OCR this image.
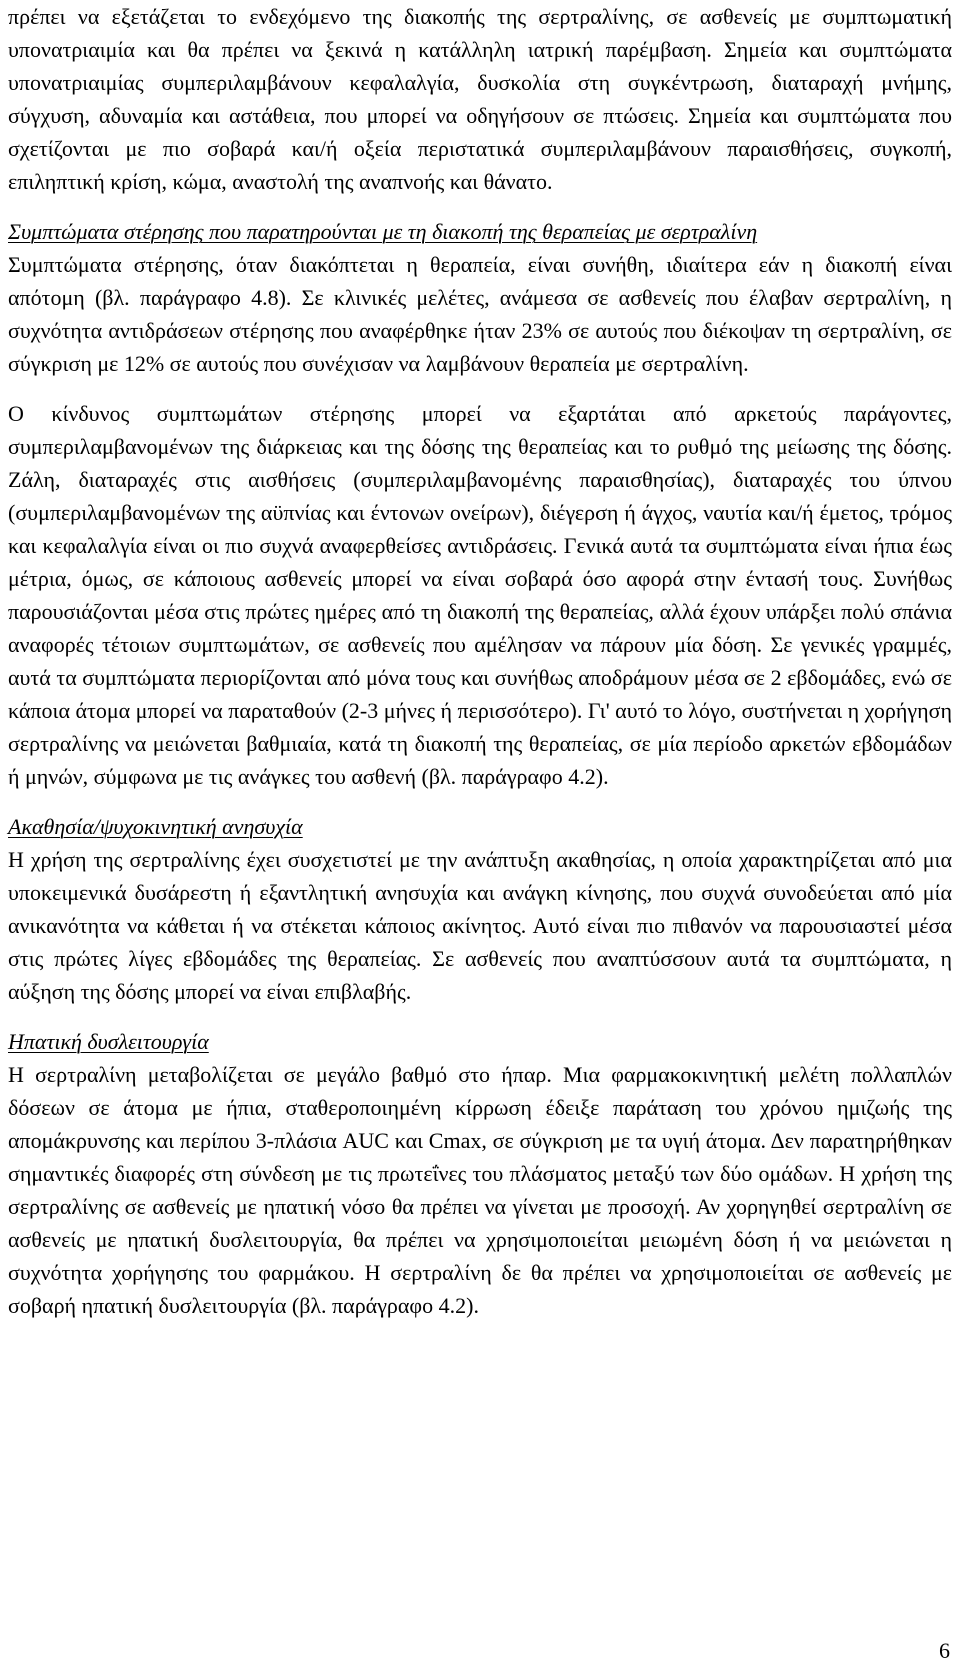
πρέπει να εξετάζεται το ενδεχόμενο της διακοπής της σερτραλίνης, σε ασθενείς με συμπτωματική υπονατριαιμία και θα πρέπει να ξεκινά η κατάλληλη ιατρική παρέμβαση. Σημεία και συμπτώματα υπονατριαιμίας συμπεριλαμβάνουν κεφαλαλγία, δυσκολία στη συγκέντρωση, διαταραχή μνήμης, σύγχυση, αδυναμία και αστάθεια, που μπορεί να οδηγήσουν σε πτώσεις. Σημεία και συμπτώματα που σχετίζονται με πιο σοβαρά και/ή οξεία περιστατικά συμπεριλαμβάνουν παραισθήσεις, συγκοπή, επιληπτική κρίση, κώμα, αναστολή της αναπνοής και θάνατο.

Συμπτώματα στέρησης που παρατηρούνται με τη διακοπή της θεραπείας με σερτραλίνη
Συμπτώματα στέρησης, όταν διακόπτεται η θεραπεία, είναι συνήθη, ιδιαίτερα εάν η διακοπή είναι απότομη (βλ. παράγραφο 4.8). Σε κλινικές μελέτες, ανάμεσα σε ασθενείς που έλαβαν σερτραλίνη, η συχνότητα αντιδράσεων στέρησης που αναφέρθηκε ήταν 23% σε αυτούς που διέκοψαν τη σερτραλίνη, σε σύγκριση με 12% σε αυτούς που συνέχισαν να λαμβάνουν θεραπεία με σερτραλίνη.

Ο κίνδυνος συμπτωμάτων στέρησης μπορεί να εξαρτάται από αρκετούς παράγοντες, συμπεριλαμβανομένων της διάρκειας και της δόσης της θεραπείας και το ρυθμό της μείωσης της δόσης. Ζάλη, διαταραχές στις αισθήσεις (συμπεριλαμβανομένης παραισθησίας), διαταραχές του ύπνου (συμπεριλαμβανομένων της αϋπνίας και έντονων ονείρων), διέγερση ή άγχος, ναυτία και/ή έμετος, τρόμος και κεφαλαλγία είναι οι πιο συχνά αναφερθείσες αντιδράσεις. Γενικά αυτά τα συμπτώματα είναι ήπια έως μέτρια, όμως, σε κάποιους ασθενείς μπορεί να είναι σοβαρά όσο αφορά στην έντασή τους. Συνήθως παρουσιάζονται μέσα στις πρώτες ημέρες από τη διακοπή της θεραπείας, αλλά έχουν υπάρξει πολύ σπάνια αναφορές τέτοιων συμπτωμάτων, σε ασθενείς που αμέλησαν να πάρουν μία δόση. Σε γενικές γραμμές, αυτά τα συμπτώματα περιορίζονται από μόνα τους και συνήθως αποδράμουν μέσα σε 2 εβδομάδες, ενώ σε κάποια άτομα μπορεί να παραταθούν (2-3 μήνες ή περισσότερο). Γι' αυτό το λόγο, συστήνεται η χορήγηση σερτραλίνης να μειώνεται βαθμιαία, κατά τη διακοπή της θεραπείας, σε μία περίοδο αρκετών εβδομάδων ή μηνών, σύμφωνα με τις ανάγκες του ασθενή (βλ. παράγραφο 4.2).

Ακαθησία/ψυχοκινητική ανησυχία
Η χρήση της σερτραλίνης έχει συσχετιστεί με την ανάπτυξη ακαθησίας, η οποία χαρακτηρίζεται από μια υποκειμενικά δυσάρεστη ή εξαντλητική ανησυχία και ανάγκη κίνησης, που συχνά συνοδεύεται από μία ανικανότητα να κάθεται ή να στέκεται κάποιος ακίνητος. Αυτό είναι πιο πιθανόν να παρουσιαστεί μέσα στις πρώτες λίγες εβδομάδες της θεραπείας. Σε ασθενείς που αναπτύσσουν αυτά τα συμπτώματα, η αύξηση της δόσης μπορεί να είναι επιβλαβής.

Ηπατική δυσλειτουργία
Η σερτραλίνη μεταβολίζεται σε μεγάλο βαθμό στο ήπαρ. Μια φαρμακοκινητική μελέτη πολλαπλών δόσεων σε άτομα με ήπια, σταθεροποιημένη κίρρωση έδειξε παράταση του χρόνου ημιζωής της απομάκρυνσης και περίπου 3-πλάσια AUC και Cmax, σε σύγκριση με τα υγιή άτομα. Δεν παρατηρήθηκαν σημαντικές διαφορές στη σύνδεση με τις πρωτεΐνες του πλάσματος μεταξύ των δύο ομάδων. Η χρήση της σερτραλίνης σε ασθενείς με ηπατική νόσο θα πρέπει να γίνεται με προσοχή. Αν χορηγηθεί σερτραλίνη σε ασθενείς με ηπατική δυσλειτουργία, θα πρέπει να χρησιμοποιείται μειωμένη δόση ή να μειώνεται η συχνότητα χορήγησης του φαρμάκου. Η σερτραλίνη δε θα πρέπει να χρησιμοποιείται σε ασθενείς με σοβαρή ηπατική δυσλειτουργία (βλ. παράγραφο 4.2).

6
